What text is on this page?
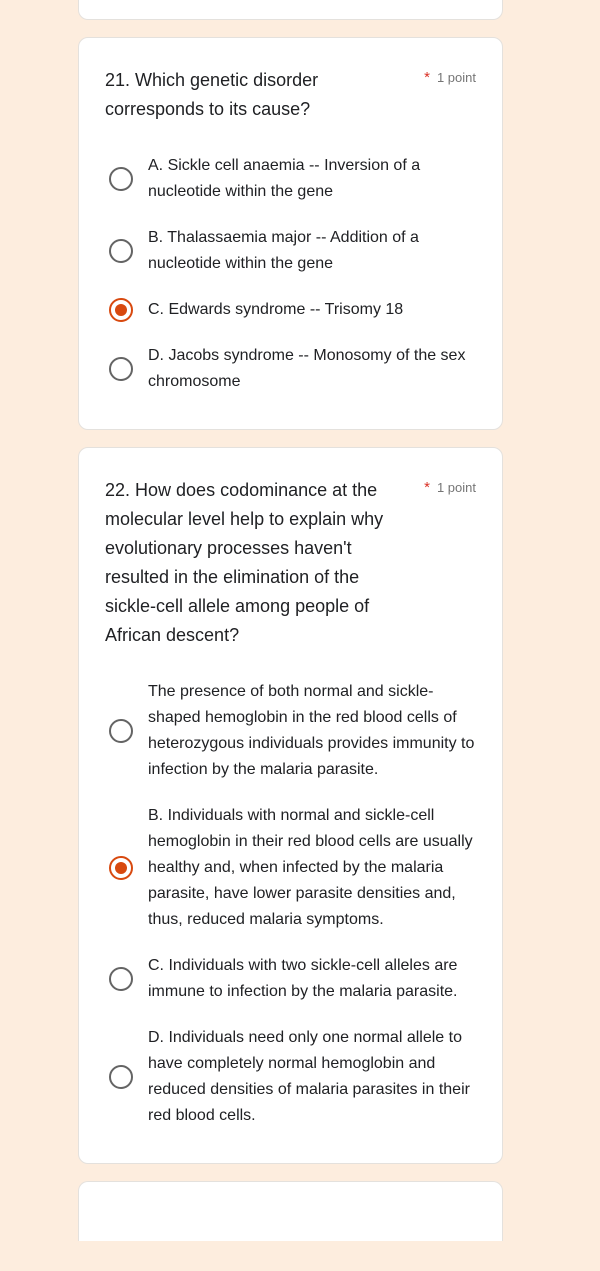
21. Which genetic disorder corresponds to its cause?
* 1 point
A. Sickle cell anaemia -- Inversion of a nucleotide within the gene
B. Thalassaemia major -- Addition of a nucleotide within the gene
C. Edwards syndrome -- Trisomy 18
D. Jacobs syndrome -- Monosomy of the sex chromosome
22. How does codominance at the molecular level help to explain why evolutionary processes haven't resulted in the elimination of the sickle-cell allele among people of African descent?
* 1 point
The presence of both normal and sickle-shaped hemoglobin in the red blood cells of heterozygous individuals provides immunity to infection by the malaria parasite.
B. Individuals with normal and sickle-cell hemoglobin in their red blood cells are usually healthy and, when infected by the malaria parasite, have lower parasite densities and, thus, reduced malaria symptoms.
C. Individuals with two sickle-cell alleles are immune to infection by the malaria parasite.
D. Individuals need only one normal allele to have completely normal hemoglobin and reduced densities of malaria parasites in their red blood cells.
